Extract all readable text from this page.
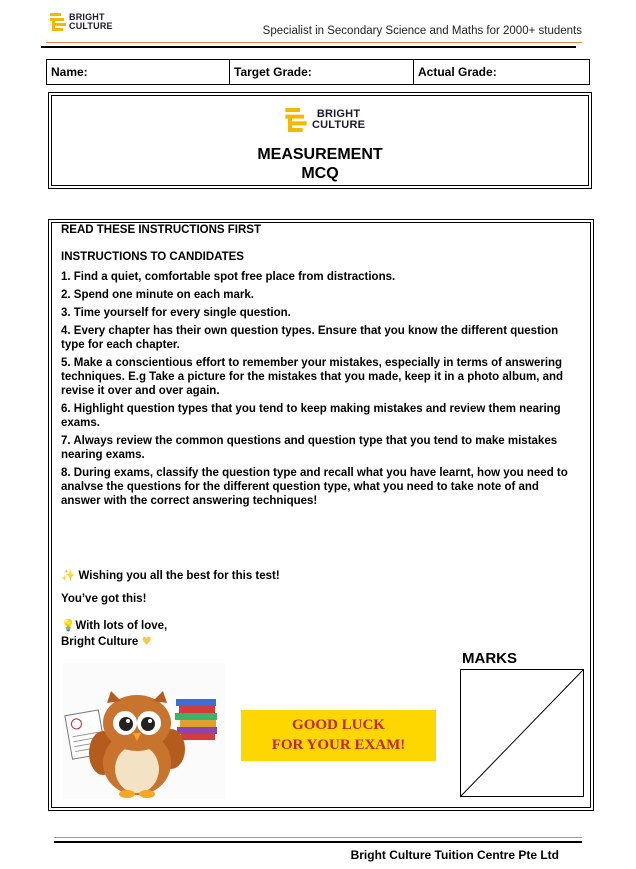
BRIGHT
CULTURE	Specialist in Secondary Science and Maths for 2000+ students
Name:	Target Grade:	Actual Grade:
BRIGHT
CULTURE
MEASUREMENT
MCQ

READ THESE INSTRUCTIONS FIRST

INSTRUCTIONS TO CANDIDATES

1. Find a quiet, comfortable spot free place from distractions.

2. Spend one minute on each mark.

3. Time yourself for every single question.

4. Every chapter has their own question types. Ensure that you know the different question type for each chapter.

5. Make a conscientious effort to remember your mistakes, especially in terms of answering techniques. E.g Take a picture for the mistakes that you made, keep it in a photo album, and revise it over and over again.

6. Highlight question types that you tend to keep making mistakes and review them nearing exams.

7. Always review the common questions and question type that you tend to make mistakes nearing exams.

8. During exams, classify the question type and recall what you have learnt, how you need to analvse the questions for the different question type, what you need to take note of and answer with the correct answering techniques!

✨ Wishing you all the best for this test!

You’ve got this!

💡With lots of love,
Bright Culture ♥
GOOD LUCK
FOR YOUR EXAM!
MARKS
Bright Culture Tuition Centre Pte Ltd
